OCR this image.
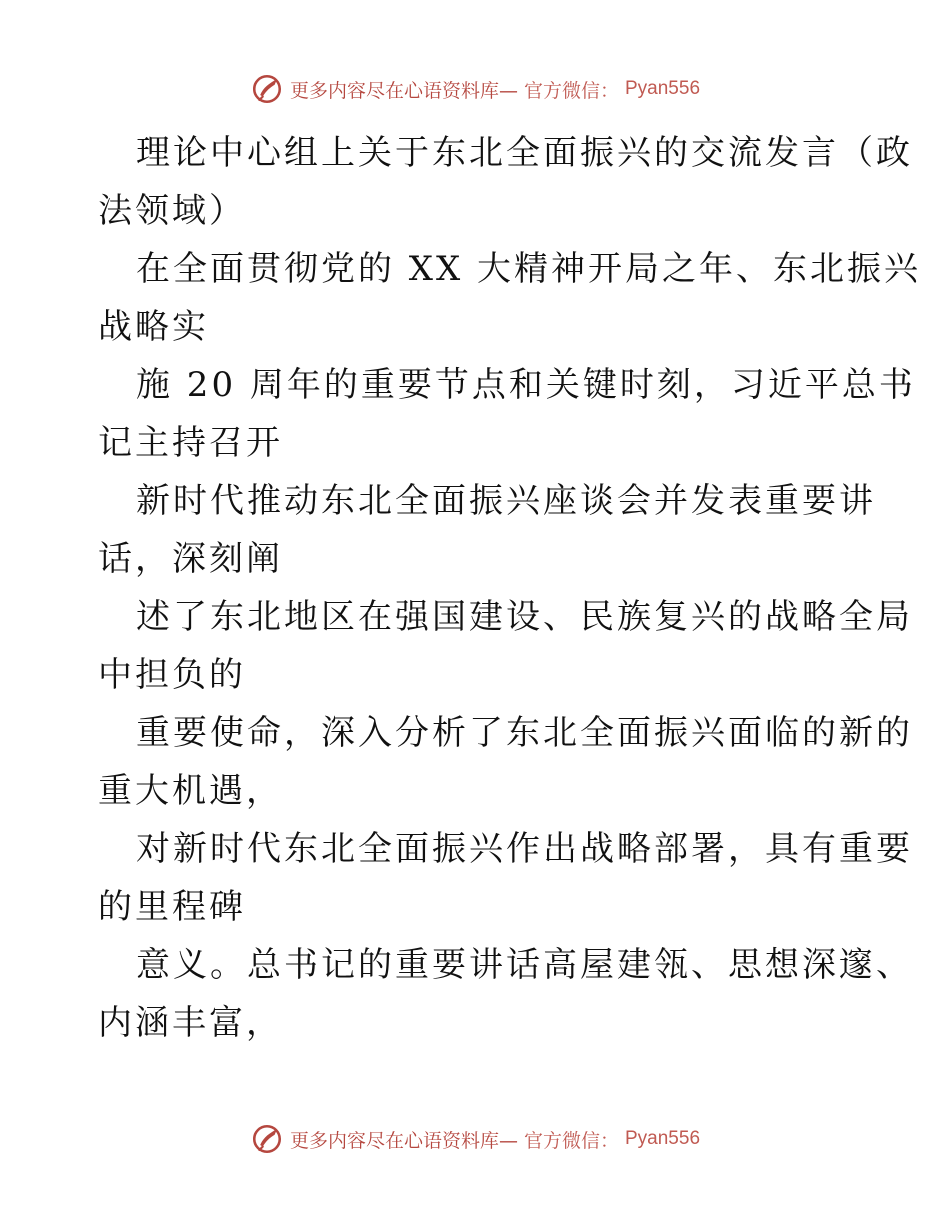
更多内容尽在心语资料库— 官方微信： Pyan556
理论中心组上关于东北全面振兴的交流发言（政
法领域）
在全面贯彻党的 XX 大精神开局之年、东北振兴
战略实
施 20 周年的重要节点和关键时刻，习近平总书
记主持召开
新时代推动东北全面振兴座谈会并发表重要讲
话，深刻阐
述了东北地区在强国建设、民族复兴的战略全局
中担负的
重要使命，深入分析了东北全面振兴面临的新的
重大机遇，
对新时代东北全面振兴作出战略部署，具有重要
的里程碑
意义。总书记的重要讲话高屋建瓴、思想深邃、
内涵丰富，
更多内容尽在心语资料库— 官方微信： Pyan556
